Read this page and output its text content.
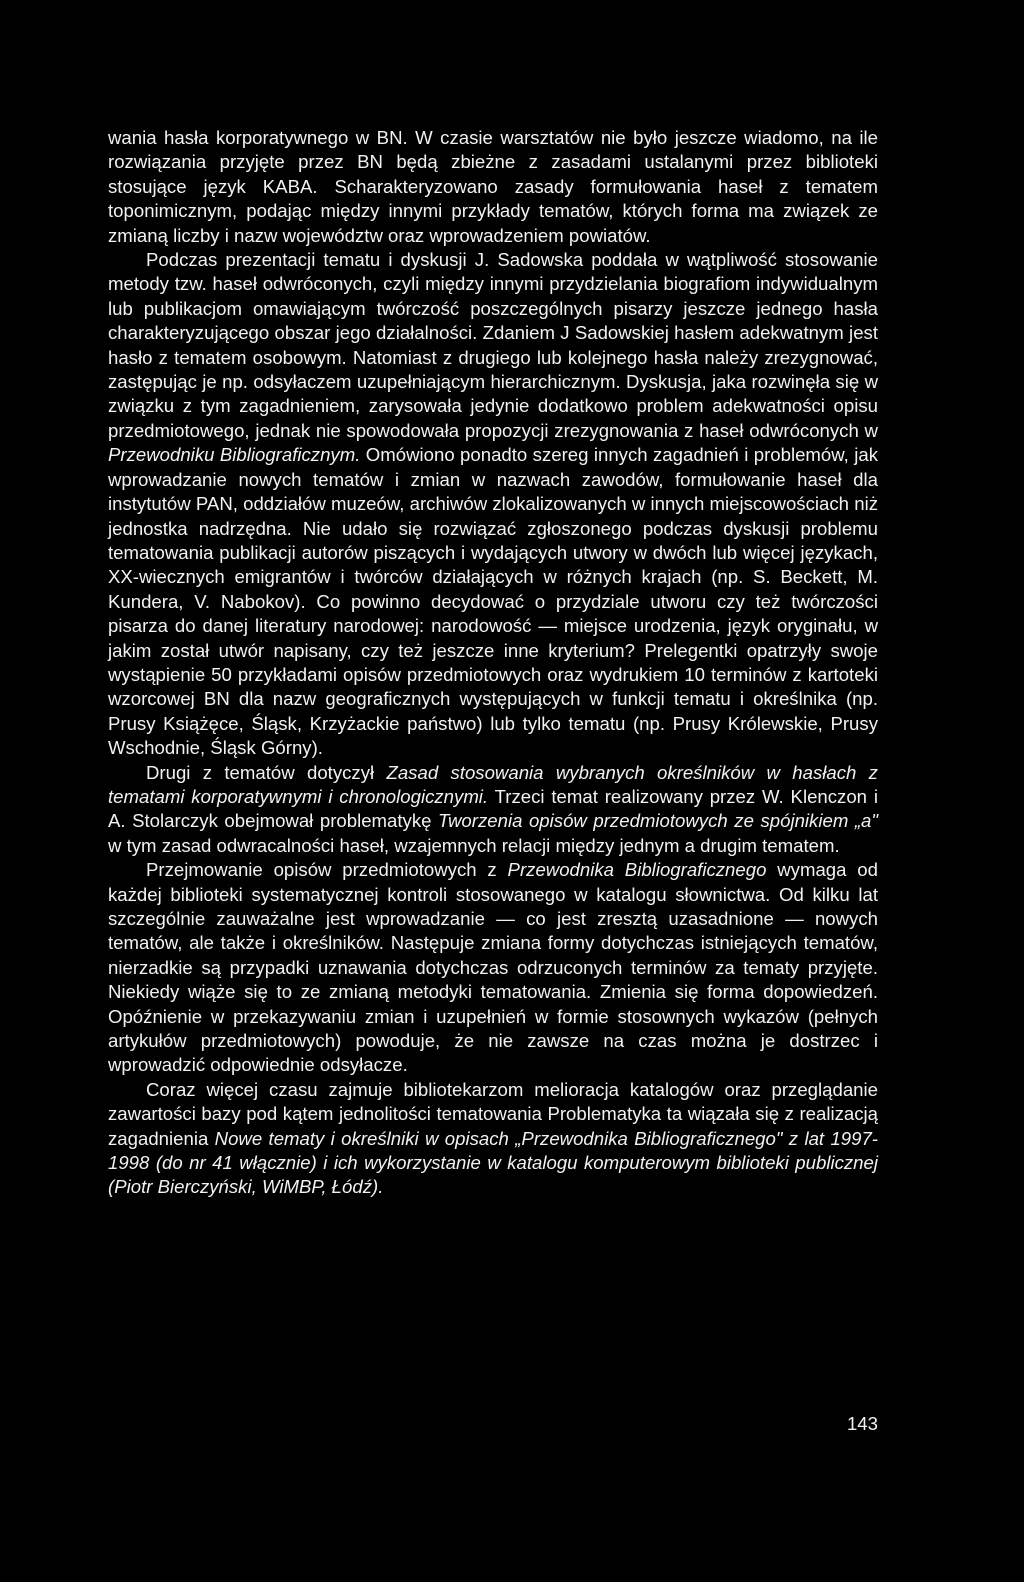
wania hasła korporatywnego w BN. W czasie warsztatów nie było jeszcze wiadomo, na ile rozwiązania przyjęte przez BN będą zbieżne z zasadami ustalanymi przez biblioteki stosujące język KABA. Scharakteryzowano zasady formułowania haseł z tematem toponimicznym, podając między innymi przykłady tematów, których forma ma związek ze zmianą liczby i nazw województw oraz wprowadzeniem powiatów.

Podczas prezentacji tematu i dyskusji J. Sadowska poddała w wątpliwość stosowanie metody tzw. haseł odwróconych, czyli między innymi przydzielania biografiom indywidualnym lub publikacjom omawiającym twórczość poszczególnych pisarzy jeszcze jednego hasła charakteryzującego obszar jego działalności. Zdaniem J Sadowskiej hasłem adekwatnym jest hasło z tematem osobowym. Natomiast z drugiego lub kolejnego hasła należy zrezygnować, zastępując je np. odsyłaczem uzupełniającym hierarchicznym. Dyskusja, jaka rozwinęła się w związku z tym zagadnieniem, zarysowała jedynie dodatkowo problem adekwatności opisu przedmiotowego, jednak nie spowodowała propozycji zrezygnowania z haseł odwróconych w Przewodniku Bibliograficznym. Omówiono ponadto szereg innych zagadnień i problemów, jak wprowadzanie nowych tematów i zmian w nazwach zawodów, formułowanie haseł dla instytutów PAN, oddziałów muzeów, archiwów zlokalizowanych w innych miejscowościach niż jednostka nadrzędna. Nie udało się rozwiązać zgłoszonego podczas dyskusji problemu tematowania publikacji autorów piszących i wydających utwory w dwóch lub więcej językach, XX-wiecznych emigrantów i twórców działających w różnych krajach (np. S. Beckett, M. Kundera, V. Nabokov). Co powinno decydować o przydziale utworu czy też twórczości pisarza do danej literatury narodowej: narodowość — miejsce urodzenia, język oryginału, w jakim został utwór napisany, czy też jeszcze inne kryterium? Prelegentki opatrzyły swoje wystąpienie 50 przykładami opisów przedmiotowych oraz wydrukiem 10 terminów z kartoteki wzorcowej BN dla nazw geograficznych występujących w funkcji tematu i określnika (np. Prusy Książęce, Śląsk, Krzyżackie państwo) lub tylko tematu (np. Prusy Królewskie, Prusy Wschodnie, Śląsk Górny).

Drugi z tematów dotyczył Zasad stosowania wybranych określników w hasłach z tematami korporatywnymi i chronologicznymi. Trzeci temat realizowany przez W. Klenczon i A. Stolarczyk obejmował problematykę Tworzenia opisów przedmiotowych ze spójnikiem „a" w tym zasad odwracalności haseł, wzajemnych relacji między jednym a drugim tematem.

Przejmowanie opisów przedmiotowych z Przewodnika Bibliograficznego wymaga od każdej biblioteki systematycznej kontroli stosowanego w katalogu słownictwa. Od kilku lat szczególnie zauważalne jest wprowadzanie — co jest zresztą uzasadnione — nowych tematów, ale także i określników. Następuje zmiana formy dotychczas istniejących tematów, nierzadkie są przypadki uznawania dotychczas odrzuconych terminów za tematy przyjęte. Niekiedy wiąże się to ze zmianą metodyki tematowania. Zmienia się forma dopowiedzeń. Opóźnienie w przekazywaniu zmian i uzupełnień w formie stosownych wykazów (pełnych artykułów przedmiotowych) powoduje, że nie zawsze na czas można je dostrzec i wprowadzić odpowiednie odsyłacze.

Coraz więcej czasu zajmuje bibliotekarzom melioracja katalogów oraz przeglądanie zawartości bazy pod kątem jednolitości tematowania Problematyka ta wiązała się z realizacją zagadnienia Nowe tematy i określniki w opisach „Przewodnika Bibliograficznego" z lat 1997-1998 (do nr 41 włącznie) i ich wykorzystanie w katalogu komputerowym biblioteki publicznej (Piotr Bierczyński, WiMBP, Łódź).

143
